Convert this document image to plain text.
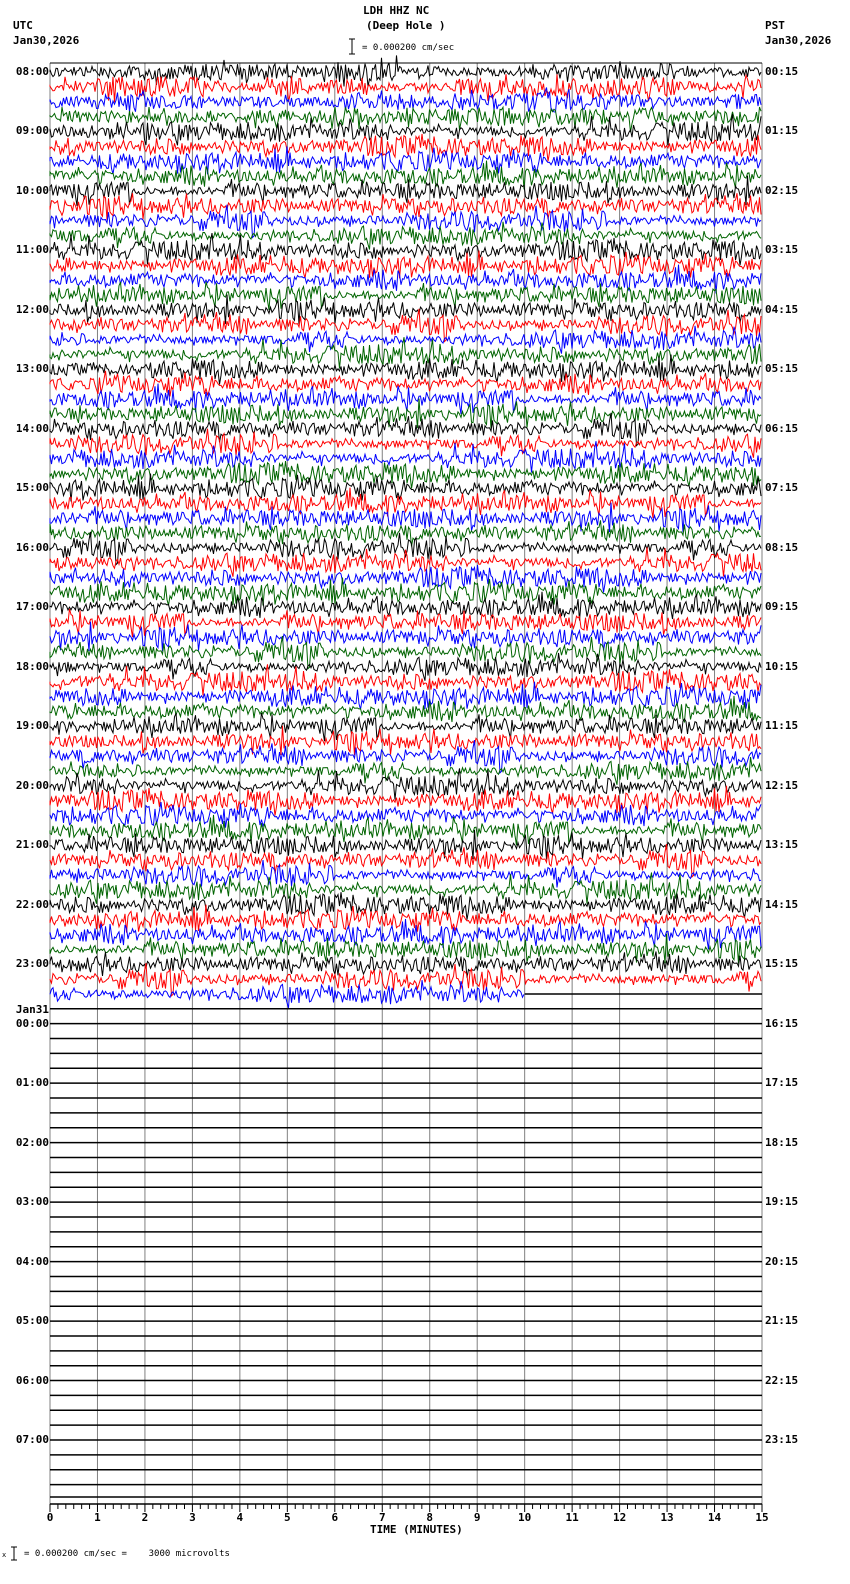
LDH HHZ NC
(Deep Hole )
UTC
Jan30,2026
PST
Jan30,2026
= 0.000200 cm/sec
08:00	00:15
09:00	01:15
10:00	02:15
11:00	03:15
12:00	04:15
13:00	05:15
14:00	06:15
15:00	07:15
16:00	08:15
17:00	09:15
18:00	10:15
19:00	11:15
20:00	12:15
21:00	13:15
22:00	14:15
23:00	15:15
00:00	16:15
Jan31
01:00	17:15
02:00	18:15
03:00	19:15
04:00	20:15
05:00	21:15
06:00	22:15
07:00	23:15
0	1	2	3	4	5	6	7	8	9	10	11	12	13	14	15
TIME (MINUTES)
x = 0.000200 cm/sec =    3000 microvolts
